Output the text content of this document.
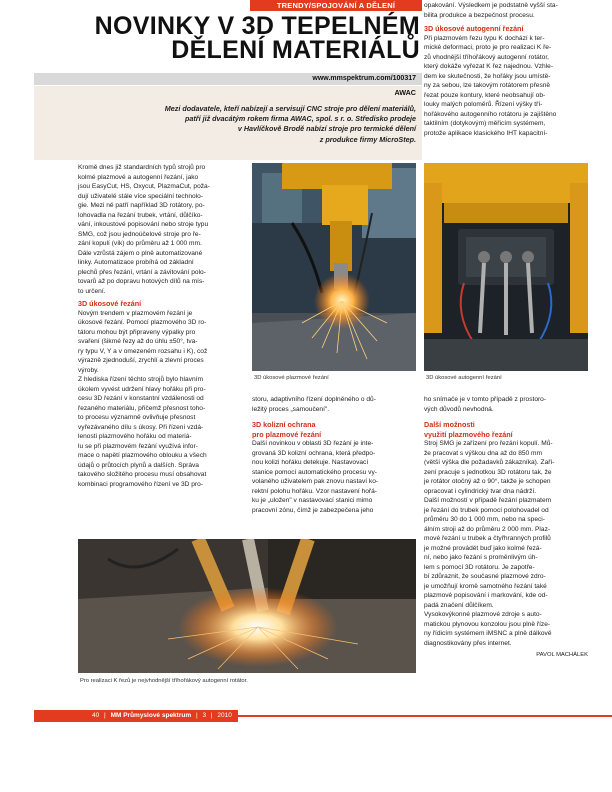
TRENDY/SPOJOVÁNÍ A DĚLENÍ
NOVINKY V 3D TEPELNÉM
DĚLENÍ MATERIÁLŮ
www.mmspektrum.com/100317
AWAC
Mezi dodavatele, kteří nabízejí a servisují CNC stroje pro dělení materiálů,
patří již dvacátým rokem firma AWAC, spol. s r. o. Středisko prodeje
v Havlíčkově Brodě nabízí stroje pro termické dělení
z produkce firmy MicroStep.
Kromě dnes již standardních typů strojů pro
kolmé plazmové a autogenní řezání, jako
jsou EasyCut, HS, Oxycut, PlazmaCut, poža-
dují uživatelé stále více speciální technolo-
gie. Mezi ně patří například 3D rotátory, po-
lohovadla na řezání trubek, vrtání, důlčíko-
vání, inkoustové popisování nebo stroje typu
SMG, což jsou jednoúčelové stroje pro ře-
zání kopulí (vík) do průměru až 1 000 mm.
Dále vzrůstá zájem o plně automatizované
linky. Automatizace probíhá od základní
plechů přes řezání, vrtání a závitování polo-
tovarů až po dopravu hotových dílů na mís-
to určení.
3D úkosové řezání
Novým trendem v plazmovém řezání je
úkosové řezání. Pomocí plazmového 3D ro-
tátoru mohou být připraveny výpalky pro
svaření (šikmé řezy až do úhlu ±50°, tva-
ry typu V, Y a v omezeném rozsahu i K), což
výrazně zjednoduší, zrychlí a zlevní proces
výroby.
Z hlediska řízení těchto strojů bylo hlavním
úkolem vyvést udržení hlavy hořáku při pro-
cesu 3D řezání v konstantní vzdálenosti od
řezaného materiálu, přičemž přesnost toho-
to procesu významně ovlivňuje přesnost
vyřezávaného dílu s úkosy. Při řízení vzdá-
lenosti plazmového hořáku od materiá-
lu se při plazmovém řezání využívá infor-
mace o napětí plazmového oblouku a všech
údajů o průtocích plynů a dalších. Správa
takového složitého procesu musí obsahovat
kombinaci programového řízení ve 3D pro-
3D úkosové plazmové řezání
storu, adaptivního řízení doplněného o dů-
ležitý proces „samoučení".
3D kolizní ochrana
pro plazmové řezání
Další novinkou v oblasti 3D řezání je inte-
grovaná 3D kolizní ochrana, která předpo-
nou kolizi hořáku detekuje. Nastavovací
stanice pomocí automatického procesu vy-
volaného uživatelem pak znovu nastaví ko-
rektní polohu hořáku. Vzor nastavení hořá-
ku je „uložen" v nastavovací stanici mimo
pracovní zónu, čímž je zabezpečena jeho
opakování. Výsledkem je podstatně vyšší sta-
bilita produkce a bezpečnost procesu.
3D úkosové autogenní řezání
Při plazmovém řezu typu K dochází k ter-
mické deformaci, proto je pro realizaci K ře-
zů vhodnější tříhořákový autogenní rotátor,
který dokáže vyřezat K řez najednou. Vzhle-
dem ke skutečnosti, že hořáky jsou umístě-
ny za sebou, lze takovým rotátorem přesně
řezat pouze kontury, které neobsahují ob-
louky malých poloměrů. Řízení výšky tří-
hořákového autogenního rotátoru je zajištěno
taktilním (dotykovým) měřicím systémem,
protože aplikace klasického IHT kapacitní-
3D úkosové autogenní řezání
ho snímače je v tomto případě z prostoro-
vých důvodů nevhodná.
Další možnosti
využití plazmového řezání
Stroj SMG je zařízení pro řezání kopulí. Mů-
že pracovat s výškou dna až do 850 mm
(větší výška dle požadavků zákazníka). Zaří-
zení pracuje s jednotkou 3D rotátoru tak, že
je rotátor otočný až o 90°, takže je schopen
opracovat i cylindrický tvar dna nádrží.
Další možností v případě řezání plazmatem
je řezání do trubek pomocí polohovadel od
průměru 30 do 1 000 mm, nebo na speci-
álním stroji až do průměru 2 000 mm. Plaz-
mové řezání u trubek a čtyřhranných profilů
je možné provádět buď jako kolmé řezá-
ní, nebo jako řezání s proměnlivým úh-
lem s pomocí 3D rotátoru. Je zapotře-
bí zdůraznit, že současné plazmové zdro-
je umožňují kromě samotného řezání také
plazmové popisování i markování, kde od-
padá značení důlčíkem.
Vysokovýkonné plazmové zdroje s auto-
matickou plynovou konzolou jsou plně říze-
ny řídicím systémem iMSNC a plně dálkově
diagnostikovány přes internet.
PAVOL MACHÁLEK
Pro realizaci K řezů je nejvhodnější tříhořákový autogenní rotátor.
40 | MM Průmyslové spektrum | 3 | 2010
